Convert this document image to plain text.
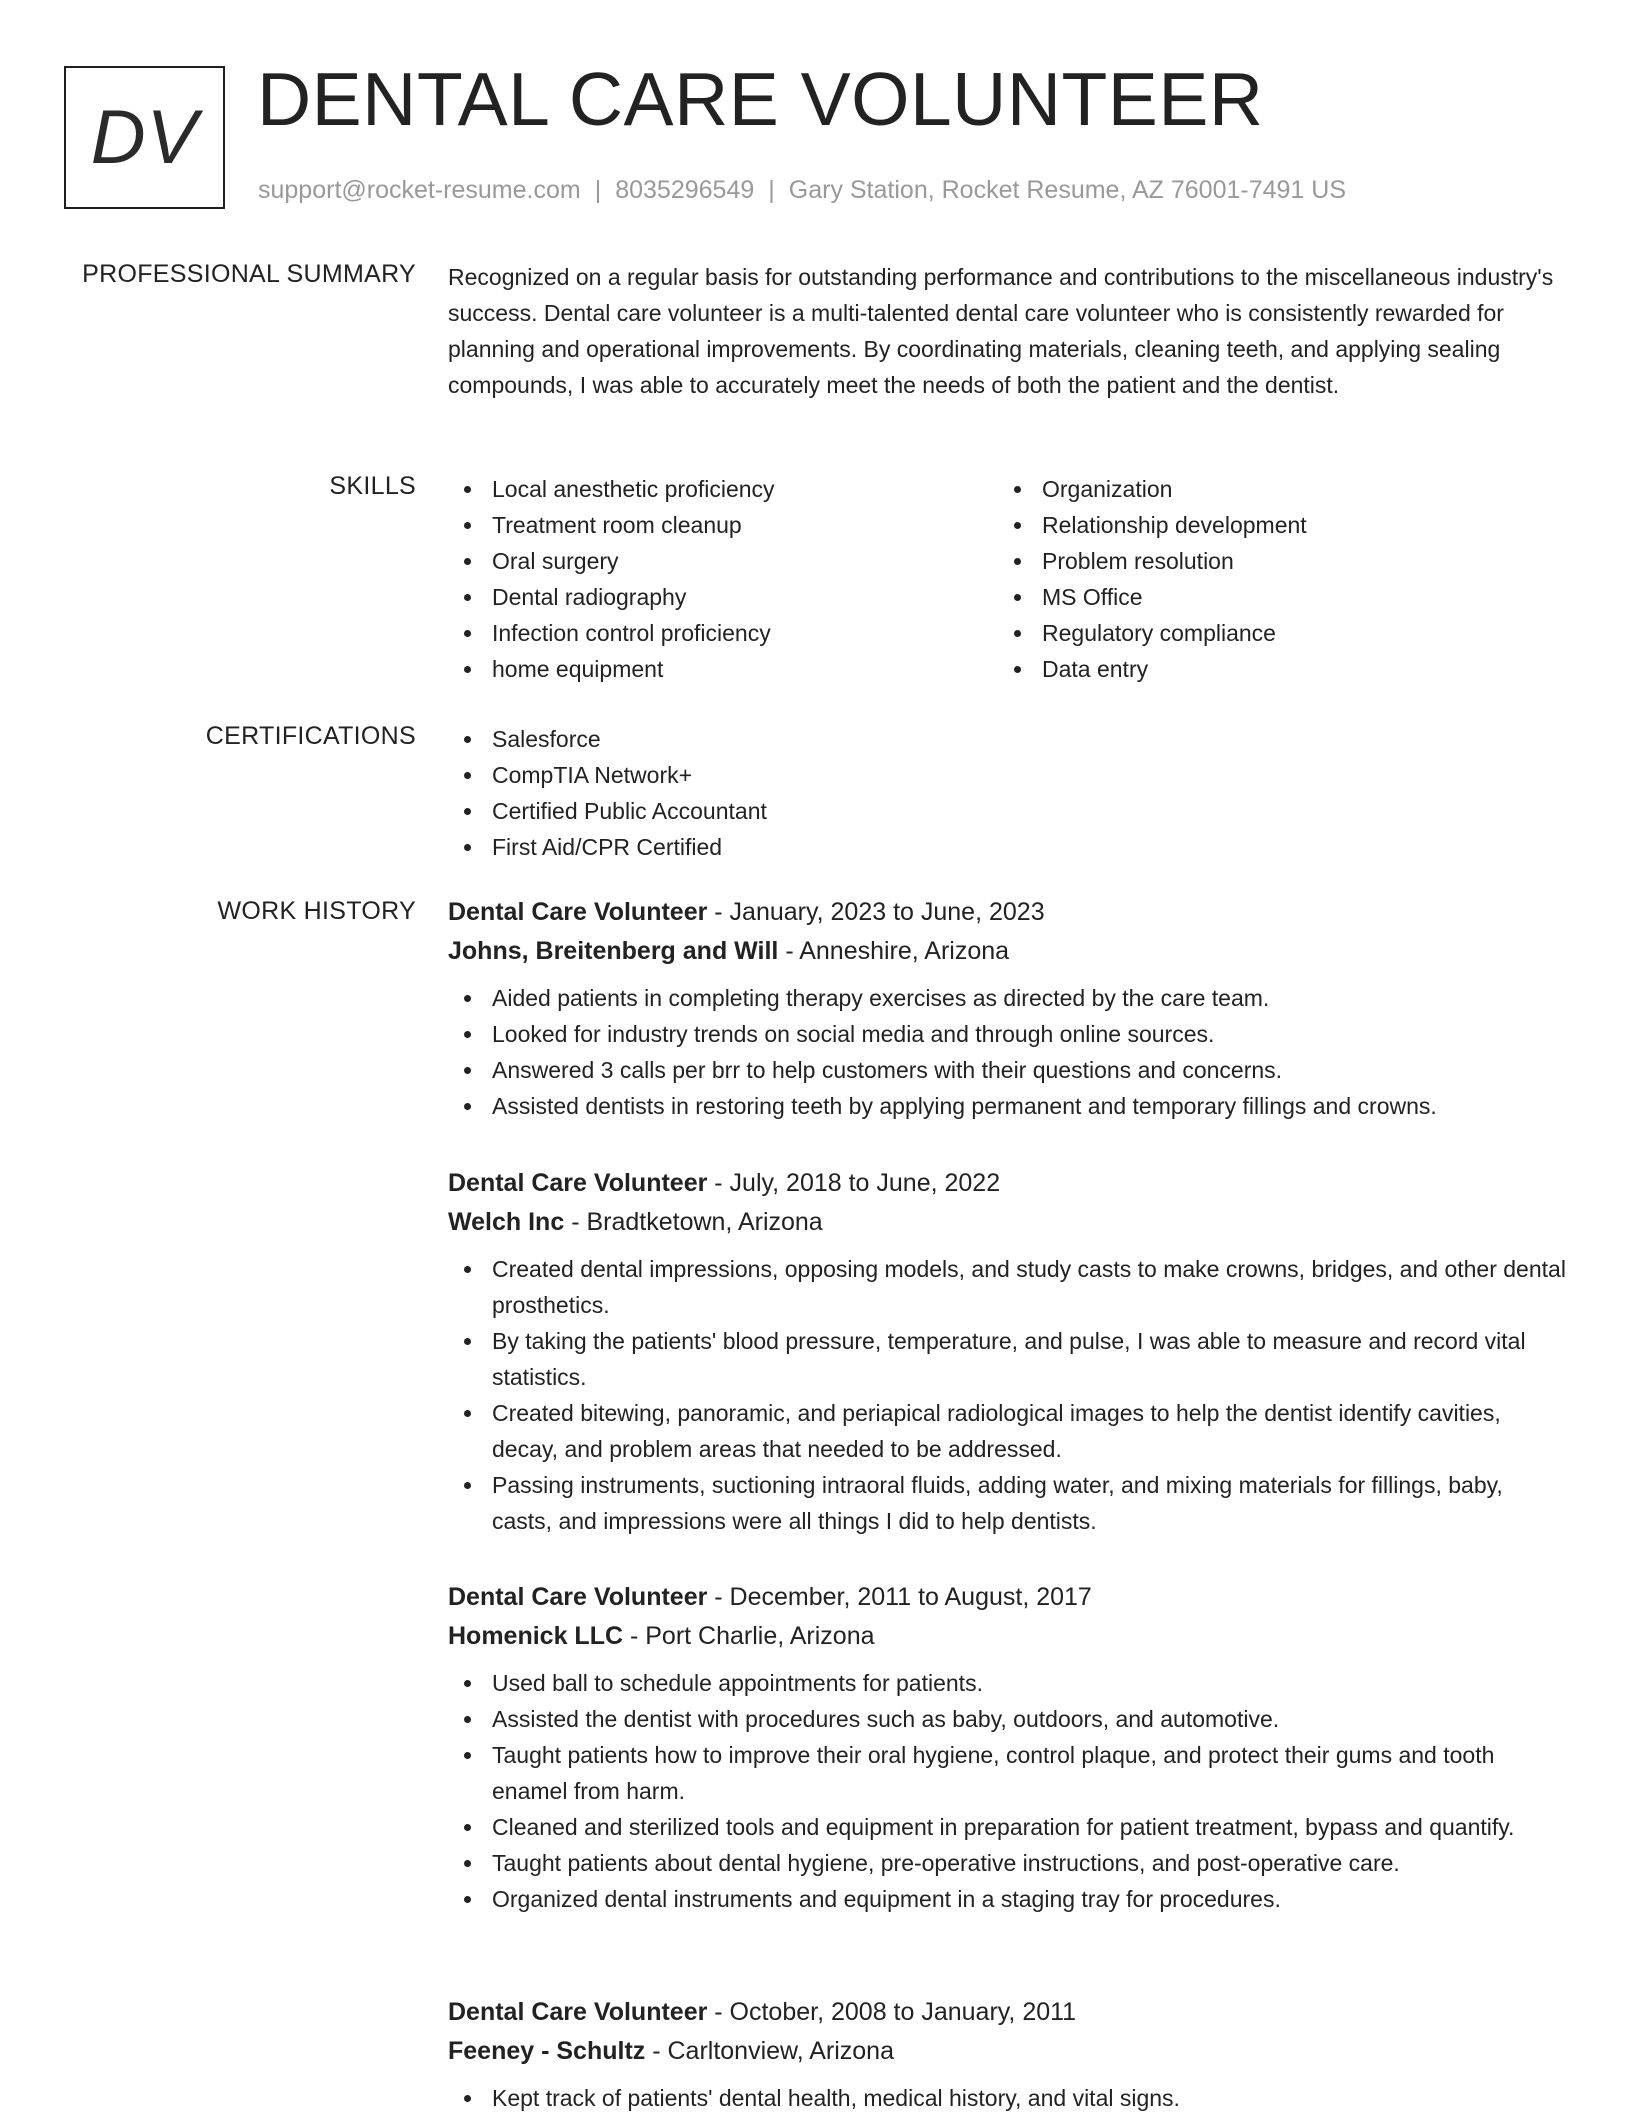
DV DENTAL CARE VOLUNTEER
support@rocket-resume.com | 8035296549 | Gary Station, Rocket Resume, AZ 76001-7491 US
PROFESSIONAL SUMMARY Recognized on a regular basis for outstanding performance and contributions to the miscellaneous industry's success. Dental care volunteer is a multi-talented dental care volunteer who is consistently rewarded for planning and operational improvements. By coordinating materials, cleaning teeth, and applying sealing compounds, I was able to accurately meet the needs of both the patient and the dentist.
SKILLS	Local anesthetic proficiency
Treatment room cleanup
Oral surgery
Dental radiography
Infection control proficiency
home equipment
Organization
Relationship development
Problem resolution
MS Office
Regulatory compliance
Data entry
CERTIFICATIONS	Salesforce
CompTIA Network+
Certified Public Accountant
First Aid/CPR Certified
WORK HISTORY Dental Care Volunteer - January, 2023 to June, 2023
Johns, Breitenberg and Will - Anneshire, Arizona
Aided patients in completing therapy exercises as directed by the care team.
Looked for industry trends on social media and through online sources.
Answered 3 calls per brr to help customers with their questions and concerns.
Assisted dentists in restoring teeth by applying permanent and temporary fillings and crowns.
Dental Care Volunteer - July, 2018 to June, 2022
Welch Inc - Bradtketown, Arizona
Created dental impressions, opposing models, and study casts to make crowns, bridges, and other dental prosthetics.
By taking the patients' blood pressure, temperature, and pulse, I was able to measure and record vital statistics.
Created bitewing, panoramic, and periapical radiological images to help the dentist identify cavities, decay, and problem areas that needed to be addressed.
Passing instruments, suctioning intraoral fluids, adding water, and mixing materials for fillings, baby, casts, and impressions were all things I did to help dentists.
Dental Care Volunteer - December, 2011 to August, 2017
Homenick LLC - Port Charlie, Arizona
Used ball to schedule appointments for patients.
Assisted the dentist with procedures such as baby, outdoors, and automotive.
Taught patients how to improve their oral hygiene, control plaque, and protect their gums and tooth enamel from harm.
Cleaned and sterilized tools and equipment in preparation for patient treatment, bypass and quantify.
Taught patients about dental hygiene, pre-operative instructions, and post-operative care.
Organized dental instruments and equipment in a staging tray for procedures.
Dental Care Volunteer - October, 2008 to January, 2011
Feeney - Schultz - Carltonview, Arizona
Kept track of patients' dental health, medical history, and vital signs.
